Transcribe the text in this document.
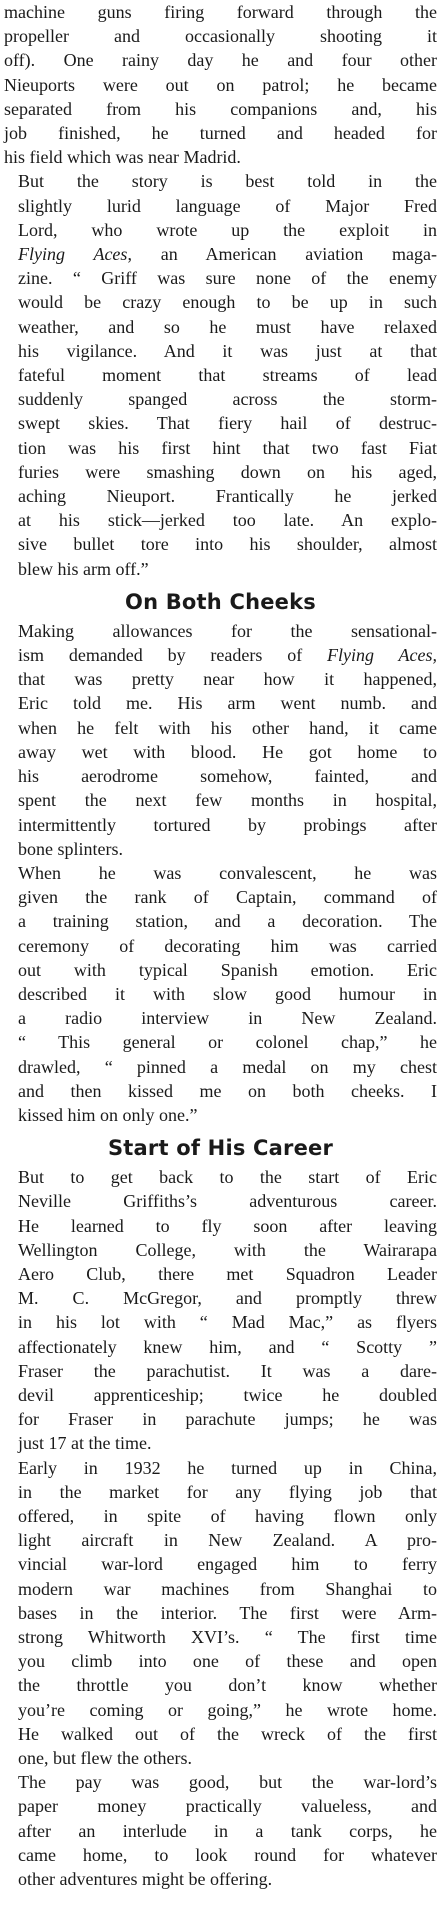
machine guns firing forward through the
propeller and occasionally shooting it
off). One rainy day he and four other
Nieuports were out on patrol; he became
separated from his companions and, his
job finished, he turned and headed for
his field which was near Madrid.
But the story is best told in the
slightly lurid language of Major Fred
Lord, who wrote up the exploit in
Flying Aces, an American aviation maga-
zine. “ Griff was sure none of the enemy
would be crazy enough to be up in such
weather, and so he must have relaxed
his vigilance. And it was just at that
fateful moment that streams of lead
suddenly spanged across the storm-
swept skies. That fiery hail of destruc-
tion was his first hint that two fast Fiat
furies were smashing down on his aged,
aching Nieuport. Frantically he jerked
at his stick—jerked too late. An explo-
sive bullet tore into his shoulder, almost
blew his arm off.”
On Both Cheeks
Making allowances for the sensational-
ism demanded by readers of Flying Aces,
that was pretty near how it happened,
Eric told me. His arm went numb. and
when he felt with his other hand, it came
away wet with blood. He got home to
his aerodrome somehow, fainted, and
spent the next few months in hospital,
intermittently tortured by probings after
bone splinters.
When he was convalescent, he was
given the rank of Captain, command of
a training station, and a decoration. The
ceremony of decorating him was carried
out with typical Spanish emotion. Eric
described it with slow good humour in
a radio interview in New Zealand.
“ This general or colonel chap,” he
drawled, “ pinned a medal on my chest
and then kissed me on both cheeks. I
kissed him on only one.”
Start of His Career
But to get back to the start of Eric
Neville Griffiths’s adventurous career.
He learned to fly soon after leaving
Wellington College, with the Wairarapa
Aero Club, there met Squadron Leader
M. C. McGregor, and promptly threw
in his lot with “ Mad Mac,” as flyers
affectionately knew him, and “ Scotty ”
Fraser the parachutist. It was a dare-
devil apprenticeship; twice he doubled
for Fraser in parachute jumps; he was
just 17 at the time.
Early in 1932 he turned up in China,
in the market for any flying job that
offered, in spite of having flown only
light aircraft in New Zealand. A pro-
vincial war-lord engaged him to ferry
modern war machines from Shanghai to
bases in the interior. The first were Arm-
strong Whitworth XVI’s. “ The first time
you climb into one of these and open
the throttle you don’t know whether
you’re coming or going,” he wrote home.
He walked out of the wreck of the first
one, but flew the others.
The pay was good, but the war-lord’s
paper money practically valueless, and
after an interlude in a tank corps, he
came home, to look round for whatever
other adventures might be offering.
